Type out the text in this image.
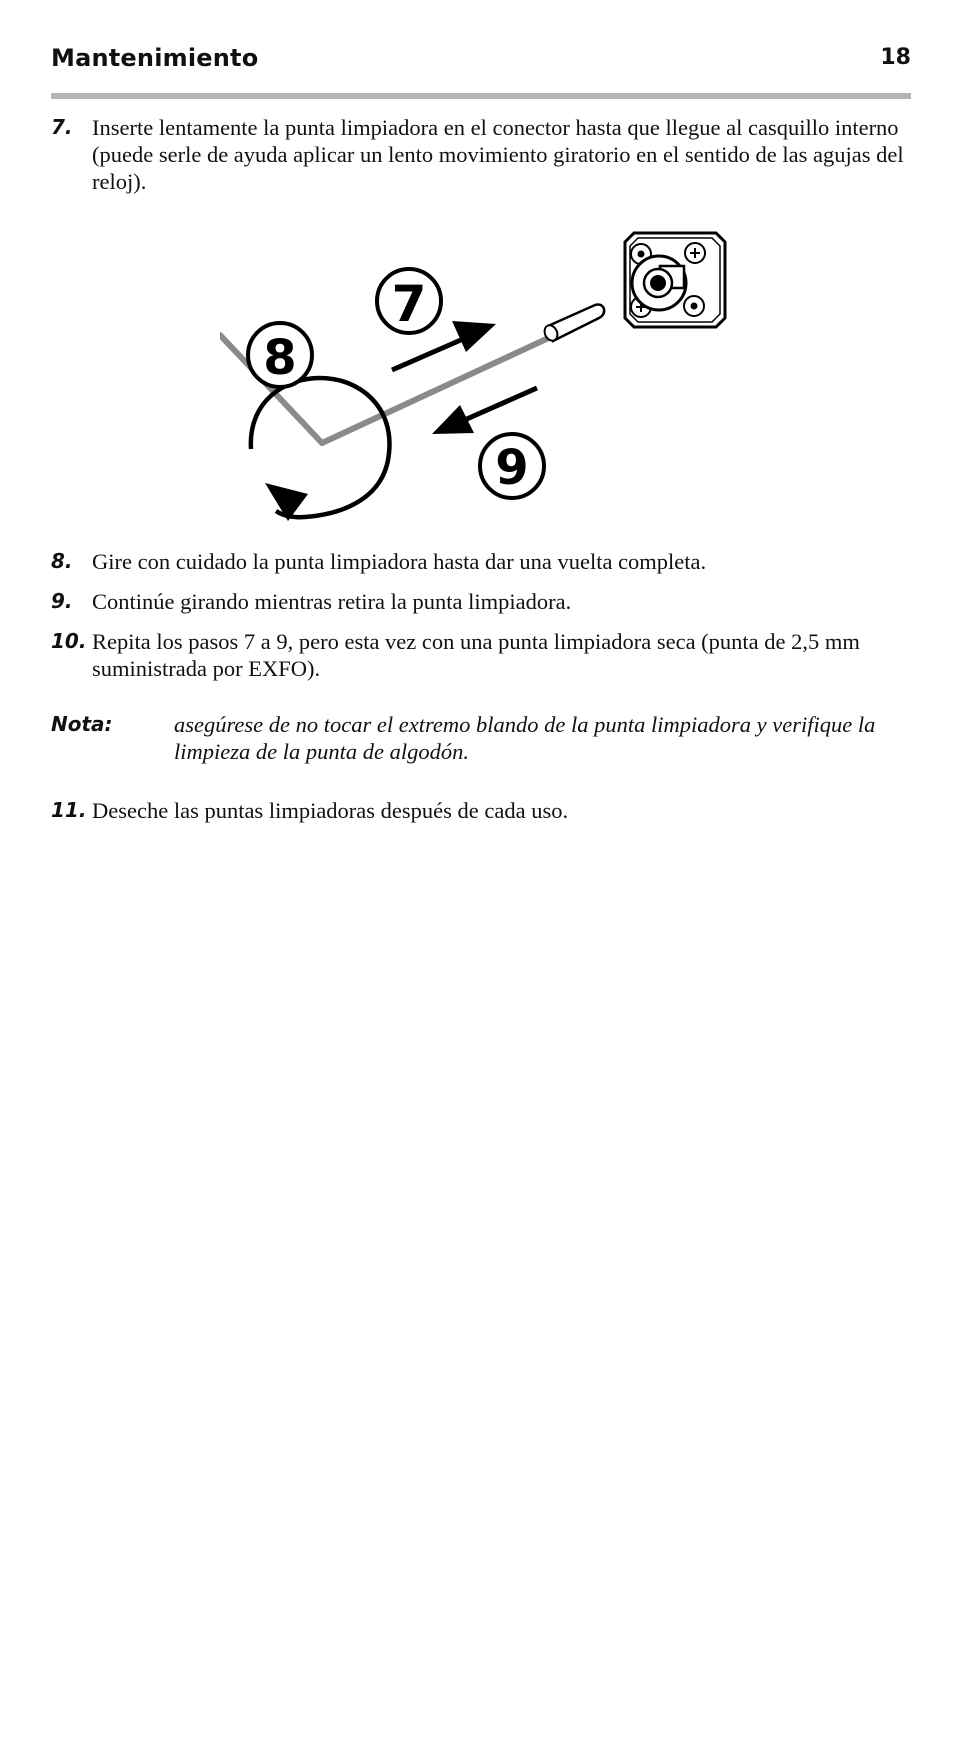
Mantenimiento	18
7. Inserte lentamente la punta limpiadora en el conector hasta que llegue al casquillo interno (puede serle de ayuda aplicar un lento movimiento giratorio en el sentido de las agujas del reloj).
7
8
9
8. Gire con cuidado la punta limpiadora hasta dar una vuelta completa.
9. Continúe girando mientras retira la punta limpiadora.
10. Repita los pasos 7 a 9, pero esta vez con una punta limpiadora seca (punta de 2,5 mm suministrada por EXFO).
Nota:	asegúrese de no tocar el extremo blando de la punta limpiadora y verifique la limpieza de la punta de algodón.
11. Deseche las puntas limpiadoras después de cada uso.
